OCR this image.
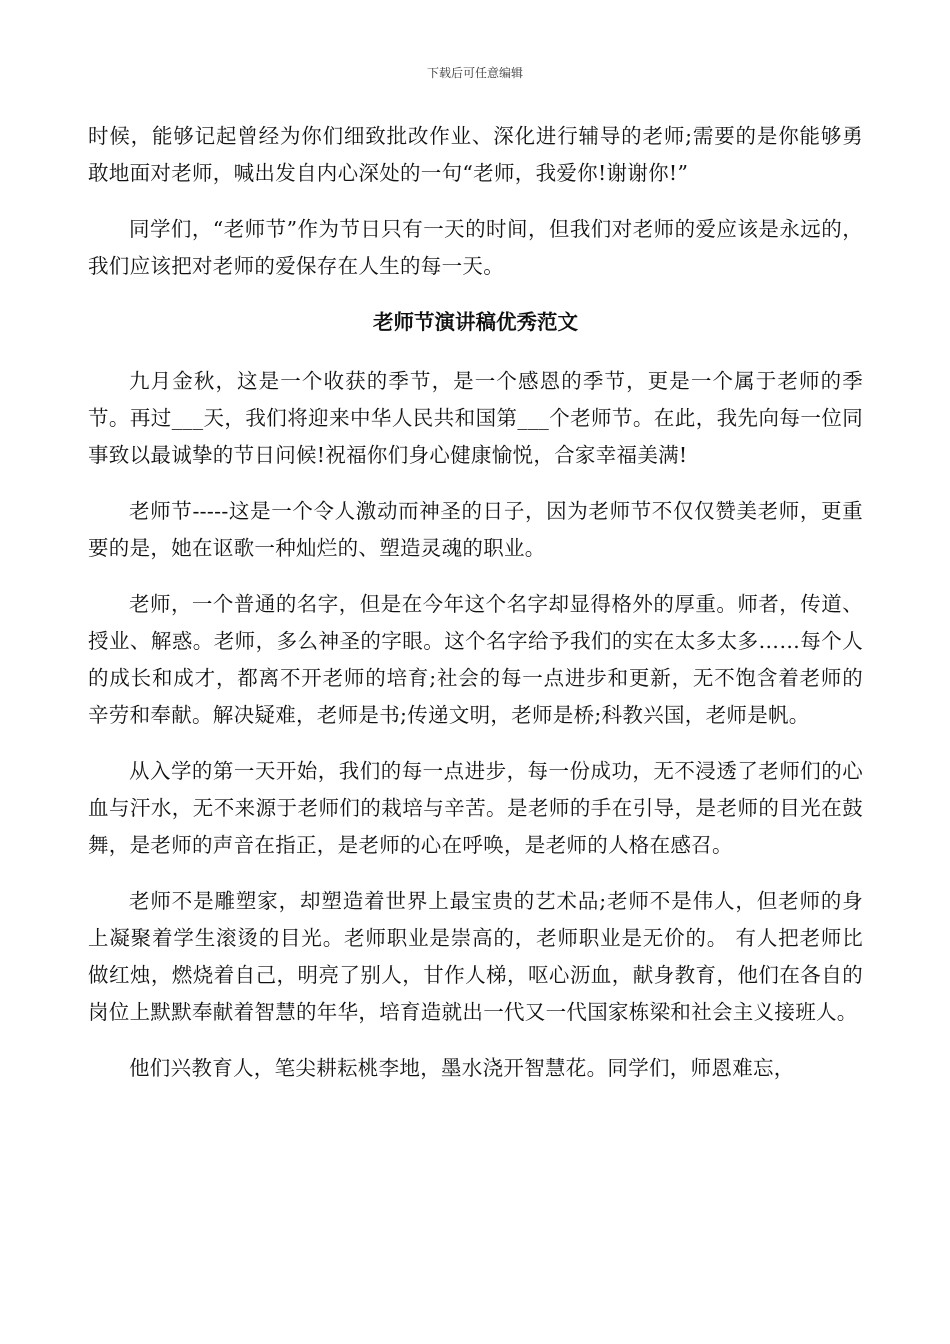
下载后可任意编辑

时候，能够记起曾经为你们细致批改作业、深化进行辅导的老师;需要的是你能够勇敢地面对老师，喊出发自内心深处的一句“老师，我爱你!谢谢你!”

同学们，“老师节”作为节日只有一天的时间，但我们对老师的爱应该是永远的，我们应该把对老师的爱保存在人生的每一天。

老师节演讲稿优秀范文

九月金秋，这是一个收获的季节，是一个感恩的季节，更是一个属于老师的季节。再过___天，我们将迎来中华人民共和国第___个老师节。在此，我先向每一位同事致以最诚挚的节日问候!祝福你们身心健康愉悦，合家幸福美满!

老师节-----这是一个令人激动而神圣的日子，因为老师节不仅仅赞美老师，更重要的是，她在讴歌一种灿烂的、塑造灵魂的职业。

老师，一个普通的名字，但是在今年这个名字却显得格外的厚重。师者，传道、授业、解惑。老师，多么神圣的字眼。这个名字给予我们的实在太多太多……每个人的成长和成才，都离不开老师的培育;社会的每一点进步和更新，无不饱含着老师的辛劳和奉献。解决疑难，老师是书;传递文明，老师是桥;科教兴国，老师是帆。

从入学的第一天开始，我们的每一点进步，每一份成功，无不浸透了老师们的心血与汗水，无不来源于老师们的栽培与辛苦。是老师的手在引导，是老师的目光在鼓舞，是老师的声音在指正，是老师的心在呼唤，是老师的人格在感召。

老师不是雕塑家，却塑造着世界上最宝贵的艺术品;老师不是伟人，但老师的身上凝聚着学生滚烫的目光。老师职业是崇高的，老师职业是无价的。 有人把老师比做红烛，燃烧着自己，明亮了别人，甘作人梯，呕心沥血，献身教育，他们在各自的岗位上默默奉献着智慧的年华，培育造就出一代又一代国家栋梁和社会主义接班人。

他们兴教育人，笔尖耕耘桃李地，墨水浇开智慧花。同学们，师恩难忘，
